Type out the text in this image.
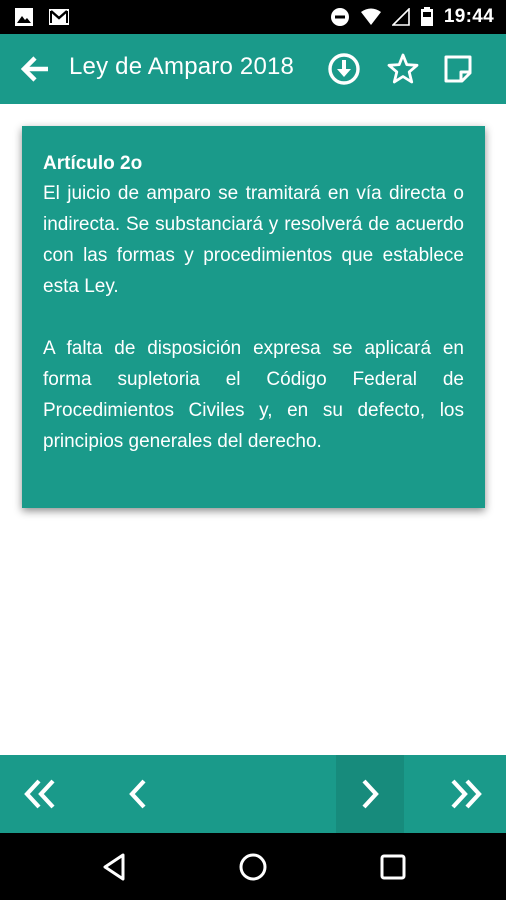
19:44
Ley de Amparo 2018

Artículo 2o

El juicio de amparo se tramitará en vía directa o indirecta. Se substanciará y resolverá de acuerdo con las formas y procedimientos que establece esta Ley.

A falta de disposición expresa se aplicará en forma supletoria el Código Federal de Procedimientos Civiles y, en su defecto, los principios generales del derecho.
